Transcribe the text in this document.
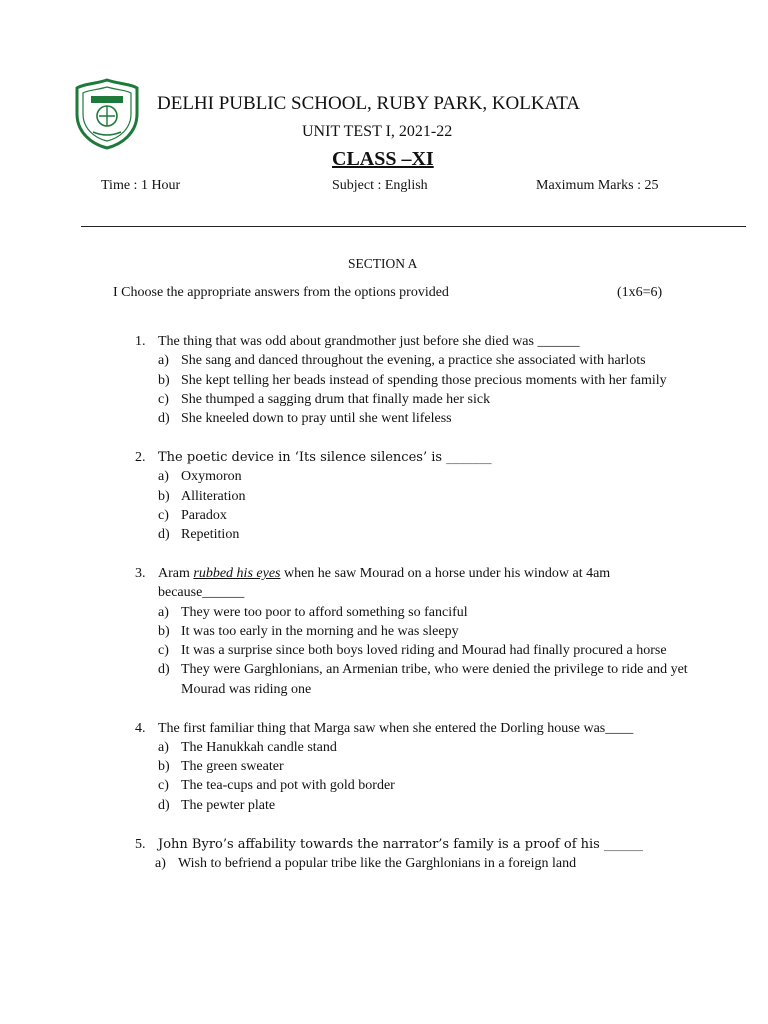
DELHI PUBLIC SCHOOL, RUBY PARK, KOLKATA
UNIT TEST I, 2021-22
CLASS –XI
Time : 1 Hour	Subject : English	Maximum Marks : 25
SECTION A
I Choose the appropriate answers from the options provided	(1x6=6)
1. The thing that was odd about grandmother just before she died was ______
a) She sang and danced throughout the evening, a practice she associated with harlots
b) She kept telling her beads instead of spending those precious moments with her family
c) She thumped a sagging drum that finally made her sick
d) She kneeled down to pray until she went lifeless
2. The poetic device in ‘Its silence silences’ is _______
a) Oxymoron
b) Alliteration
c) Paradox
d) Repetition
3. Aram rubbed his eyes when he saw Mourad on a horse under his window at 4am because______
a) They were too poor to afford something so fanciful
b) It was too early in the morning and he was sleepy
c) It was a surprise since both boys loved riding and Mourad had finally procured a horse
d) They were Garghlonians, an Armenian tribe, who were denied the privilege to ride and yet Mourad was riding one
4. The first familiar thing that Marga saw when she entered the Dorling house was____
a) The Hanukkah candle stand
b) The green sweater
c) The tea-cups and pot with gold border
d) The pewter plate
5. John Byro’s affability towards the narrator’s family is a proof of his ______
a) Wish to befriend a popular tribe like the Garghlonians in a foreign land
